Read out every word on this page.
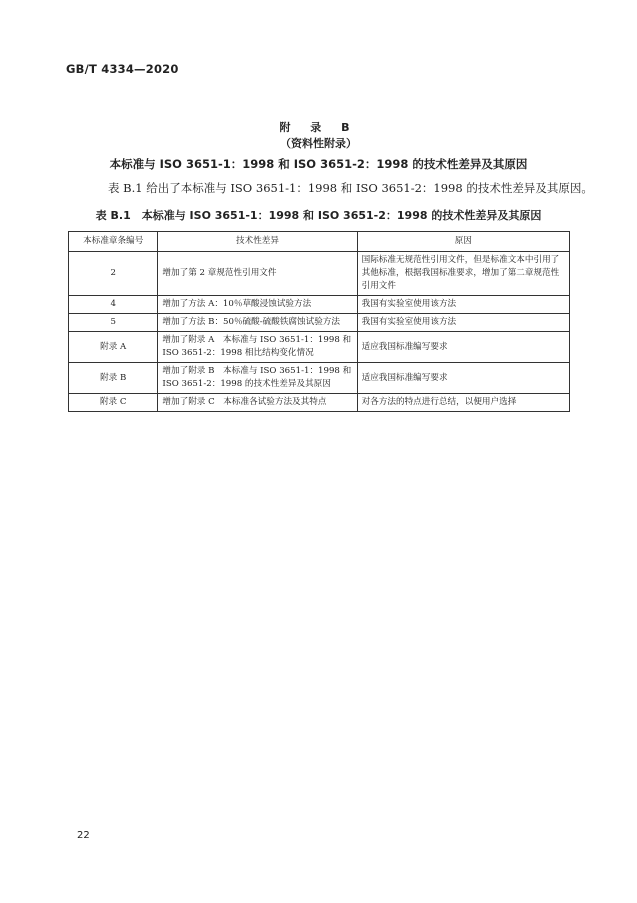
GB/T 4334—2020
附 录 B
（资料性附录）
本标准与 ISO 3651-1：1998 和 ISO 3651-2：1998 的技术性差异及其原因
表 B.1 给出了本标准与 ISO 3651-1：1998 和 ISO 3651-2：1998 的技术性差异及其原因。
表 B.1　本标准与 ISO 3651-1：1998 和 ISO 3651-2：1998 的技术性差异及其原因
本标准章条编号	技术性差异	原因
2	增加了第 2 章规范性引用文件	国际标准无规范性引用文件，但是标准文本中引用了其他标准，根据我国标准要求，增加了第二章规范性引用文件
4	增加了方法 A：10％草酸浸蚀试验方法	我国有实验室使用该方法
5	增加了方法 B：50％硫酸-硫酸铁腐蚀试验方法	我国有实验室使用该方法
附录 A	增加了附录 A　本标准与 ISO 3651-1：1998 和 ISO 3651-2：1998 相比结构变化情况	适应我国标准编写要求
附录 B	增加了附录 B　本标准与 ISO 3651-1：1998 和 ISO 3651-2：1998 的技术性差异及其原因	适应我国标准编写要求
附录 C	增加了附录 C　本标准各试验方法及其特点	对各方法的特点进行总结，以便用户选择
22
